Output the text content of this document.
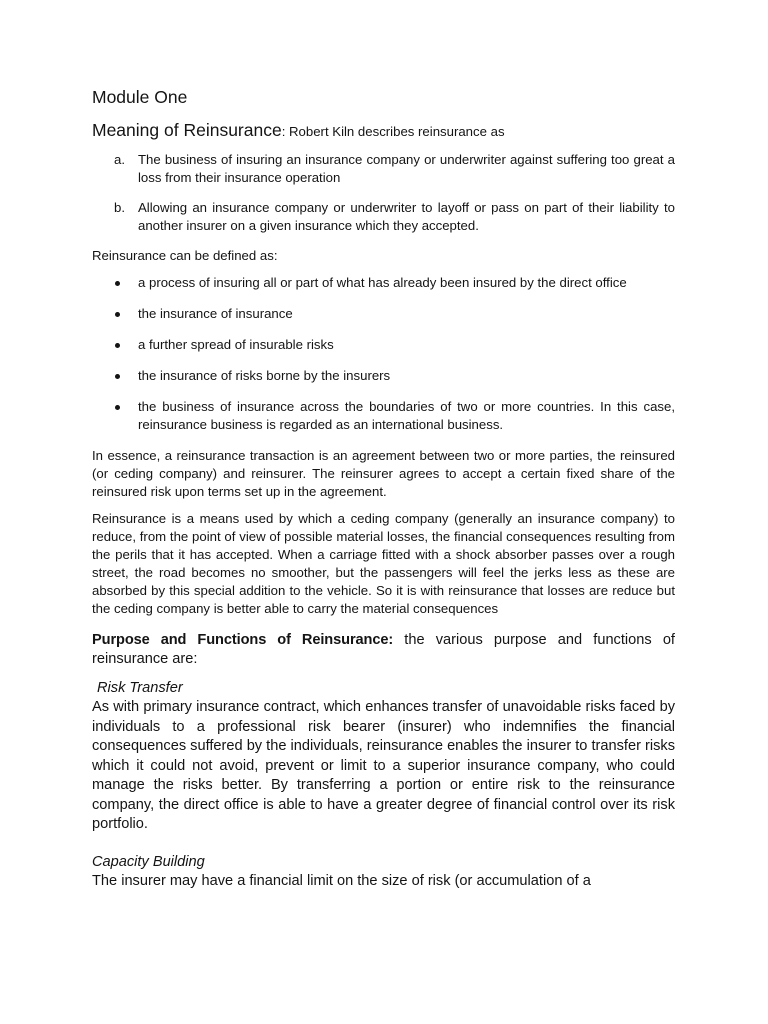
Module One

Meaning of Reinsurance: Robert Kiln describes reinsurance as

a. The business of insuring an insurance company or underwriter against suffering too great a loss from their insurance operation
b. Allowing an insurance company or underwriter to layoff or pass on part of their liability to another insurer on a given insurance which they accepted.

Reinsurance can be defined as:

a process of insuring all or part of what has already been insured by the direct office
the insurance of insurance
a further spread of insurable risks
the insurance of risks borne by the insurers
the business of insurance across the boundaries of two or more countries. In this case, reinsurance business is regarded as an international business.

In essence, a reinsurance transaction is an agreement between two or more parties, the reinsured (or ceding company) and reinsurer. The reinsurer agrees to accept a certain fixed share of the reinsured risk upon terms set up in the agreement.

Reinsurance is a means used by which a ceding company (generally an insurance company) to reduce, from the point of view of possible material losses, the financial consequences resulting from the perils that it has accepted. When a carriage fitted with a shock absorber passes over a rough street, the road becomes no smoother, but the passengers will feel the jerks less as these are absorbed by this special addition to the vehicle. So it is with reinsurance that losses are reduce but the ceding company is better able to carry the material consequences

Purpose and Functions of Reinsurance: the various purpose and functions of reinsurance are:

Risk Transfer

As with primary insurance contract, which enhances transfer of unavoidable risks faced by individuals to a professional risk bearer (insurer) who indemnifies the financial consequences suffered by the individuals, reinsurance enables the insurer to transfer risks which it could not avoid, prevent or limit to a superior insurance company, who could manage the risks better. By transferring a portion or entire risk to the reinsurance company, the direct office is able to have a greater degree of financial control over its risk portfolio.

Capacity Building

The insurer may have a financial limit on the size of risk (or accumulation of a
